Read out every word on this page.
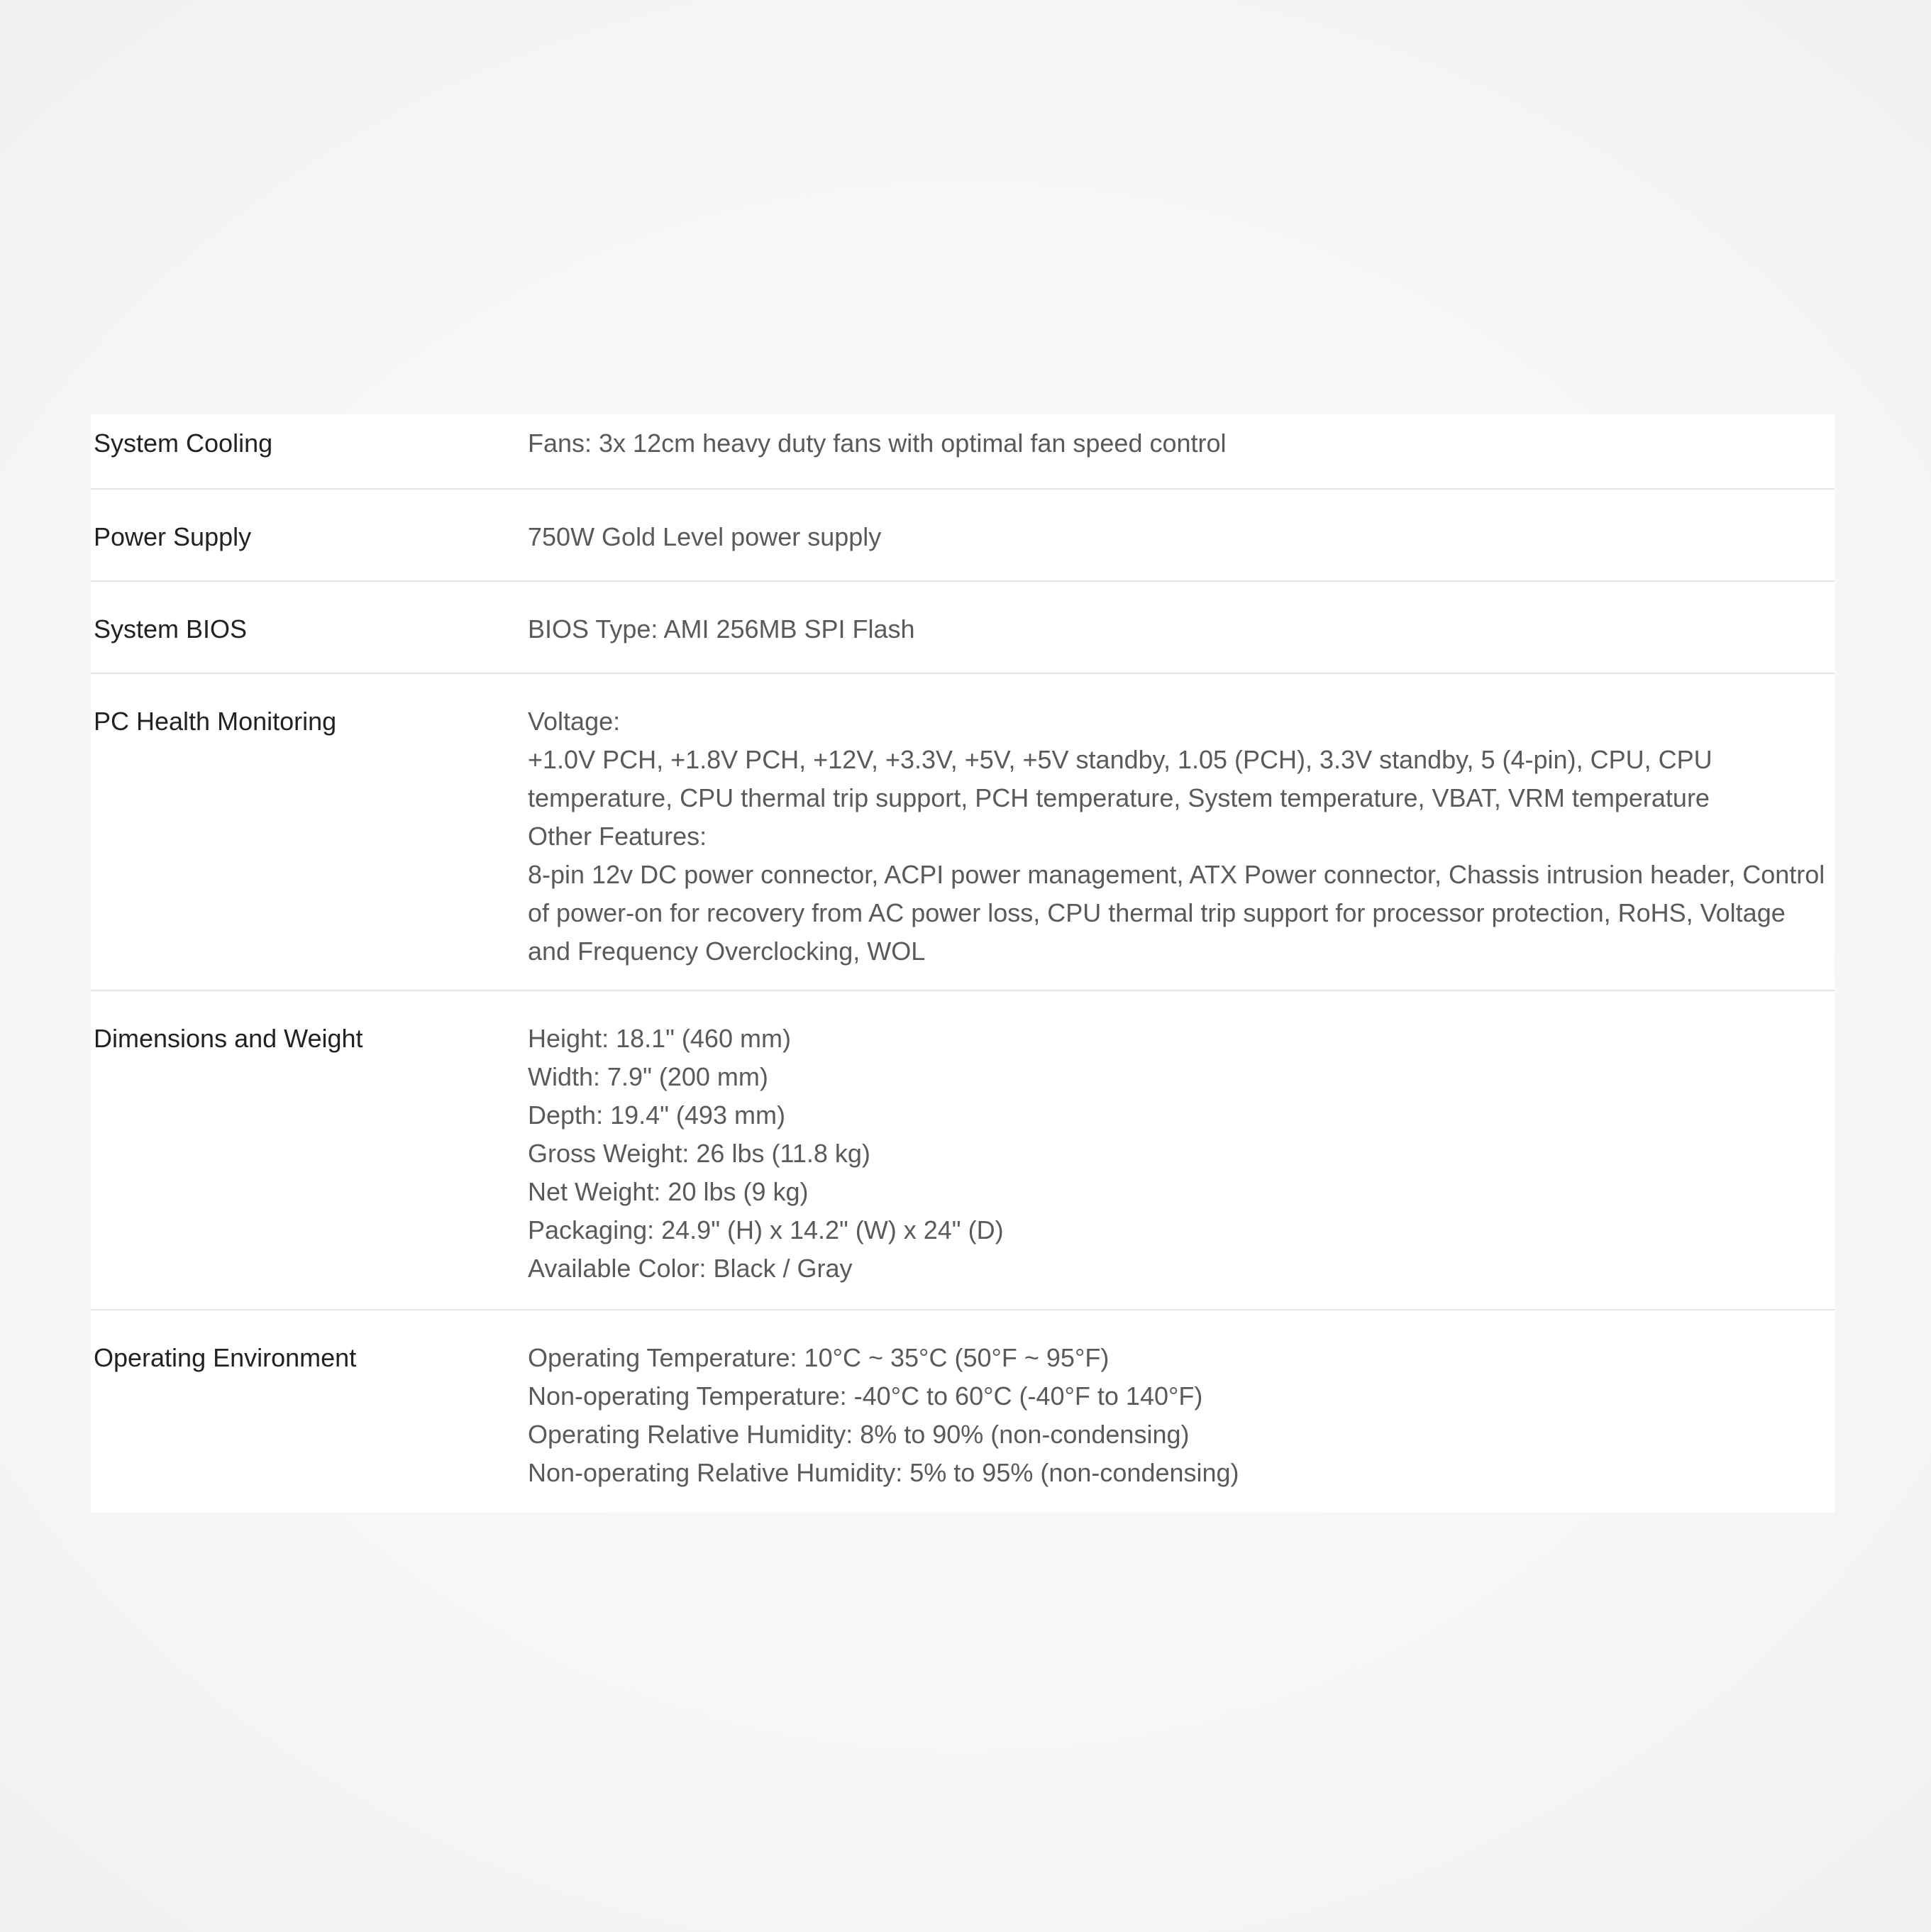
System Cooling	Fans: 3x 12cm heavy duty fans with optimal fan speed control
Power Supply	750W Gold Level power supply
System BIOS	BIOS Type: AMI 256MB SPI Flash
PC Health Monitoring	Voltage:
+1.0V PCH, +1.8V PCH, +12V, +3.3V, +5V, +5V standby, 1.05 (PCH), 3.3V standby, 5 (4-pin), CPU, CPU temperature, CPU thermal trip support, PCH temperature, System temperature, VBAT, VRM temperature
Other Features:
8-pin 12v DC power connector, ACPI power management, ATX Power connector, Chassis intrusion header, Control of power-on for recovery from AC power loss, CPU thermal trip support for processor protection, RoHS, Voltage and Frequency Overclocking, WOL
Dimensions and Weight	Height: 18.1" (460 mm)
Width: 7.9" (200 mm)
Depth: 19.4" (493 mm)
Gross Weight: 26 lbs (11.8 kg)
Net Weight: 20 lbs (9 kg)
Packaging: 24.9" (H) x 14.2" (W) x 24" (D)
Available Color: Black / Gray
Operating Environment	Operating Temperature: 10°C ~ 35°C (50°F ~ 95°F)
Non-operating Temperature: -40°C to 60°C (-40°F to 140°F)
Operating Relative Humidity: 8% to 90% (non-condensing)
Non-operating Relative Humidity: 5% to 95% (non-condensing)
